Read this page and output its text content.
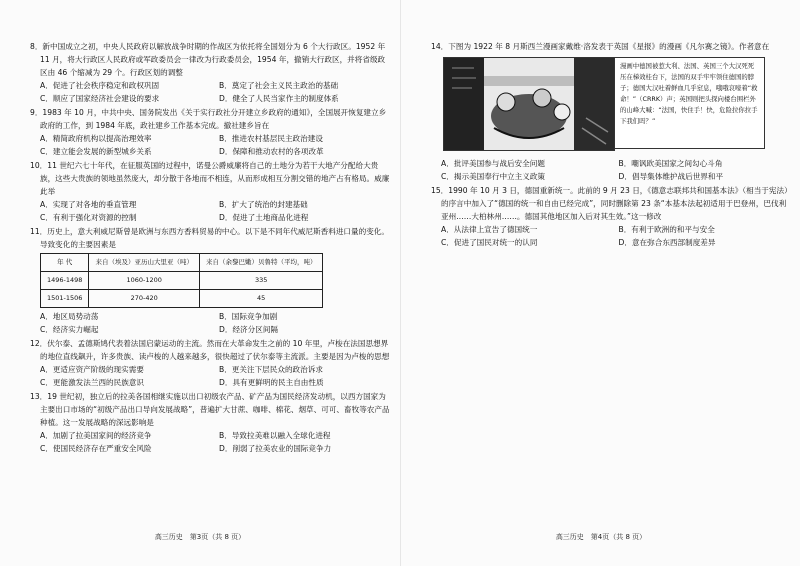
8．新中国成立之初，中央人民政府以解放战争时期的作战区为依托将全国划分为 6 个大行政区。1952 年 11 月，将大行政区人民政府或军政委员会一律改为行政委员会，1954 年，撤销大行政区，并将省级政区由 46 个缩减为 29 个。行政区划的调整
A．促进了社会秩序稳定和政权巩固	B．奠定了社会主义民主政治的基础
C．顺应了国家经济社会建设的要求	D．健全了人民当家作主的制度体系
9．1983 年 10 月，中共中央、国务院发出《关于实行政社分开建立乡政府的通知》，全国展开恢复建立乡政府的工作，到 1984 年底，政社建乡工作基本完成。撤社建乡旨在
A．精简政府机构以提高治理效率	B．推进农村基层民主政治建设
C．建立能会发展的新型城乡关系	D．保障和推动农村的各项改革
10．11 世纪六七十年代，在征服英国的过程中，诺曼公爵威廉将自己的土地分为若干大地产分配给大贵族，这些大贵族的领地虽然庞大，却分散于各地而不相连，从而形成相互分割交错的地产占有格局。威廉此举
A．实现了对各地的垂直管理	B．扩大了统治的封建基础
C．有利于强化对资源的控制	D．促进了土地商品化进程
11．历史上，意大利威尼斯曾是欧洲与东西方香料贸易的中心。以下是不同年代威尼斯香料进口量的变化。导致变化的主要因素是
年 代	来自（埃及）亚历山大里亚（吨）	来自（余黎巴嫩）贝鲁特（平均，吨）
1496-1498	1060-1200	335
1501-1506	270-420	45
A．地区局势动荡	B．国际竞争加剧
C．经济实力崛起	D．经济分区间隔
12．伏尔泰、孟德斯鸠代表着法国启蒙运动的主流。然而在大革命发生之前的 10 年里，卢梭在法国思想界的地位直线飙升，许多贵族、读卢梭的人越来越多，很快超过了伏尔泰等主流派。主要是因为卢梭的思想
A．更适应资产阶级的现实需要	B．更关注下层民众的政治诉求
C．更能激发法兰西的民族意识	D．具有更鲜明的民主自由性质
13．19 世纪初，独立后的拉美各国相继实施以出口初级农产品、矿产品为国民经济发动机，以西方国家为主要出口市场的“初级产品出口导向发展战略”，普遍扩大甘蔗、咖啡、棉花、烟草、可可、畜牧等农产品种植。这一发展战略的深远影响是
A．加剧了拉美国家间的经济竞争	B．导致拉美难以融入全球化进程
C．使国民经济存在严重安全风险	D．削弱了拉美农业的国际竞争力
高三历史　第3页（共 8 页）
14．下图为 1922 年 8 月斯西兰漫画家戴维·洛发表于英国《星报》的漫画《凡尔赛之镜》。作者意在
漫画中德国被惹大利、法国、英国三个大汉死死压在梯效桂台下，法国的双手牢牢领住德国的脖子；德国大汉吐着鲜血几乎窒息，哦哦哀嚎着“救命！”（CRRK）声；英国则把头探向楼台围栏外的山峰大喊：“法国，快住手！快，危险拉你拉手下我们吗？”
A．批评美国参与战后安全问题	B．嘲讽欧美国家之间勾心斗角
C．揭示美国奉行中立主义政策	D．倡导集体维护战后世界和平
15．1990 年 10 月 3 日，德国重新统一。此前的 9 月 23 日，《德意志联邦共和国基本法》（相当于宪法）的序言中加入了“德国的统一和自由已经完成”，同时删除第 23 条“本基本法起初适用于巴登州，巴伐利亚州……大柏林州……。德国其他地区加入后对其生效。”这一修改
A．从法律上宣告了德国统一	B．有利于欧洲的和平与安全
C．促进了国民对统一的认同	D．意在弥合东西部制度差异
高三历史　第4页（共 8 页）
